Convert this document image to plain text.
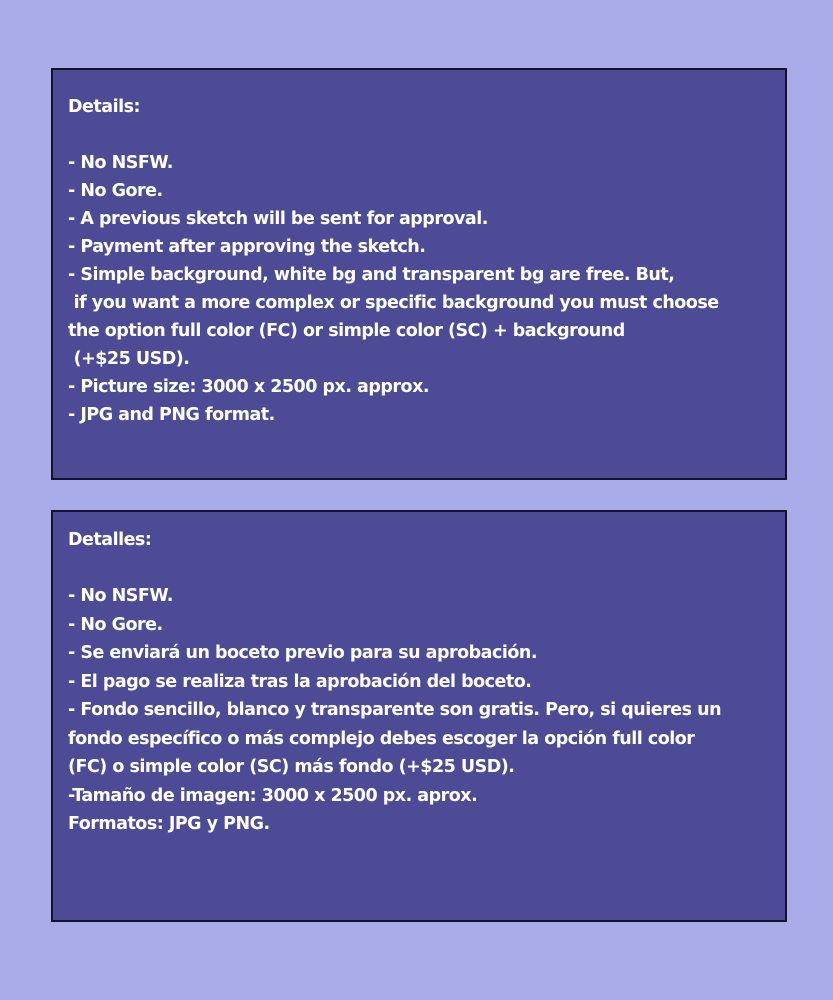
Details:
- No NSFW.
- No Gore.
- A previous sketch will be sent for approval.
- Payment after approving the sketch.
- Simple background, white bg and transparent bg are free. But,
if you want a more complex or specific background you must choose
the option full color (FC) or simple color (SC) + background
(+$25 USD).
- Picture size: 3000 x 2500 px. approx.
- JPG and PNG format.
Detalles:
- No NSFW.
- No Gore.
- Se enviará un boceto previo para su aprobación.
- El pago se realiza tras la aprobación del boceto.
- Fondo sencillo, blanco y transparente son gratis. Pero, si quieres un
fondo específico o más complejo debes escoger la opción full color
(FC) o simple color (SC) más fondo (+$25 USD).
-Tamaño de imagen: 3000 x 2500 px. aprox.
Formatos: JPG y PNG.
